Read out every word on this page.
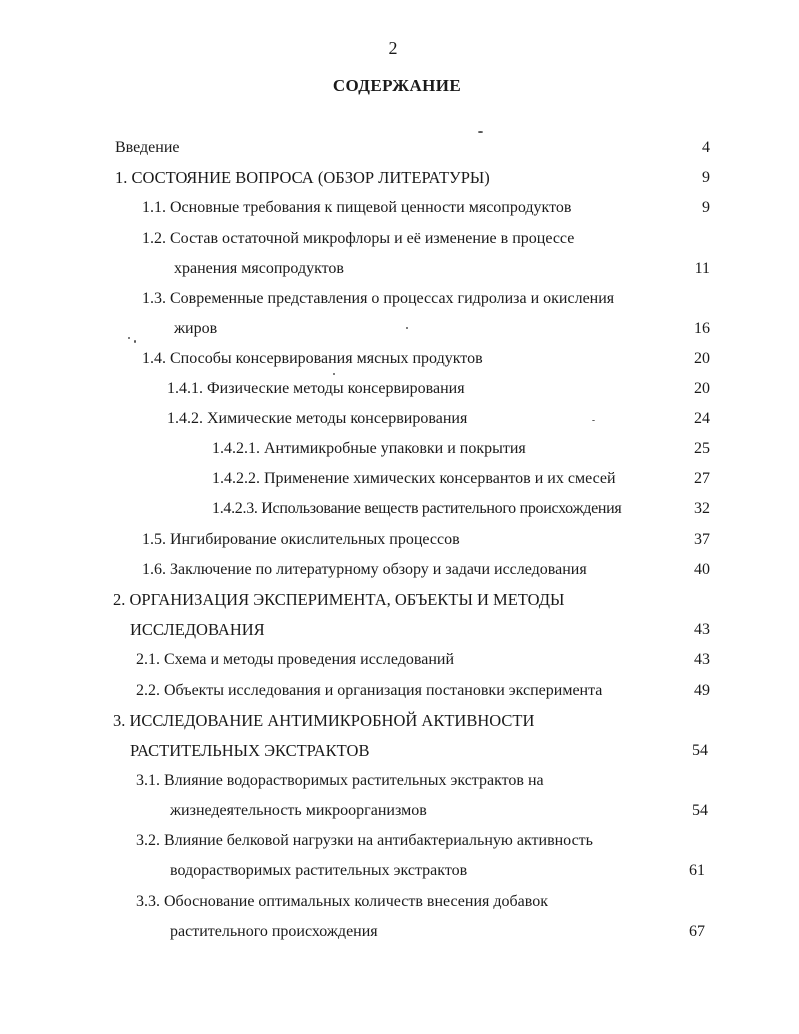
2
СОДЕРЖАНИЕ
Введение	4
1. СОСТОЯНИЕ ВОПРОСА (ОБЗОР ЛИТЕРАТУРЫ)	9
1.1. Основные требования к пищевой ценности мясопродуктов	9
1.2. Состав остаточной микрофлоры и её изменение в процессе
хранения мясопродуктов	11
1.3. Современные представления о процессах гидролиза и окисления
жиров	16
1.4. Способы консервирования мясных продуктов	20
1.4.1. Физические методы консервирования	20
1.4.2. Химические методы консервирования	24
1.4.2.1. Антимикробные упаковки и покрытия	25
1.4.2.2. Применение химических консервантов и их смесей	27
1.4.2.3. Использование веществ растительного происхождения	32
1.5. Ингибирование окислительных процессов	37
1.6. Заключение по литературному обзору и задачи исследования	40
2. ОРГАНИЗАЦИЯ ЭКСПЕРИМЕНТА, ОБЪЕКТЫ И МЕТОДЫ
ИССЛЕДОВАНИЯ	43
2.1. Схема и методы проведения исследований	43
2.2. Объекты исследования и организация постановки эксперимента	49
3. ИССЛЕДОВАНИЕ АНТИМИКРОБНОЙ АКТИВНОСТИ
РАСТИТЕЛЬНЫХ ЭКСТРАКТОВ	54
3.1. Влияние водорастворимых растительных экстрактов на
жизнедеятельность микроорганизмов	54
3.2. Влияние белковой нагрузки на антибактериальную активность
водорастворимых растительных экстрактов	61
3.3. Обоснование оптимальных количеств внесения добавок
растительного происхождения	67
